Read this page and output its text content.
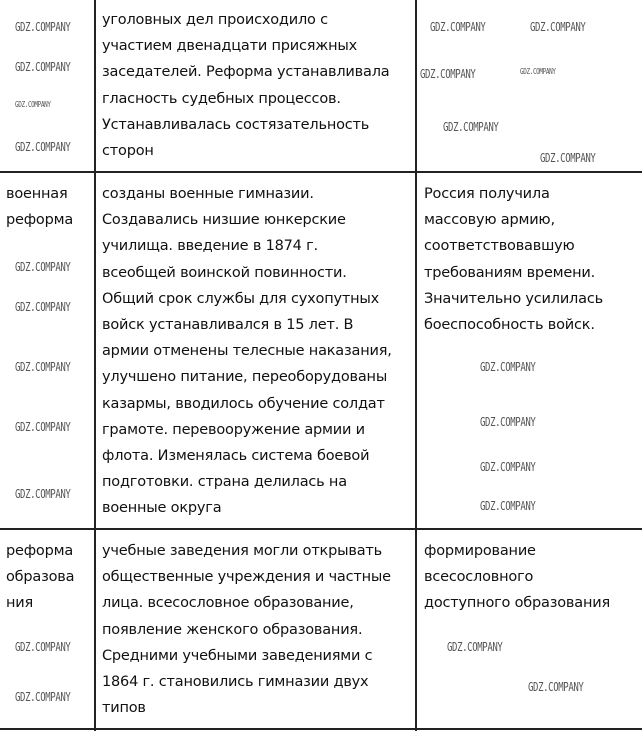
уголовных дел происходило с
участием двенадцати присяжных
заседателей. Реформа устанавливала
гласность судебных процессов.
Устанавливалась состязательность
сторон
военная
реформа
созданы военные гимназии.
Создавались низшие юнкерские
училища. введение в 1874 г.
всеобщей воинской повинности.
Общий срок службы для сухопутных
войск устанавливался в 15 лет. В
армии отменены телесные наказания,
улучшено питание, переоборудованы
казармы, вводилось обучение солдат
грамоте. перевооружение армии и
флота. Изменялась система боевой
подготовки. страна делилась на
военные округа
Россия получила
массовую армию,
соответствовавшую
требованиям времени.
Значительно усилилась
боеспособность войск.
реформа
образова
ния
учебные заведения могли открывать
общественные учреждения и частные
лица. всесословное образование,
появление женского образования.
Средними учебными заведениями с
1864 г. становились гимназии двух
типов
формирование
всесословного
доступного образования
GDZ.COMPANY
GDZ.COMPANY
GDZ.COMPANY
GDZ.COMPANY
GDZ.COMPANY
GDZ.COMPANY
GDZ.COMPANY
GDZ.COMPANY
GDZ.COMPANY
GDZ.COMPANY
GDZ.COMPANY
GDZ.COMPANY	GDZ.COMPANY
GDZ.COMPANY	GDZ.COMPANY
GDZ.COMPANY
GDZ.COMPANY
GDZ.COMPANY
GDZ.COMPANY
GDZ.COMPANY
GDZ.COMPANY
GDZ.COMPANY
GDZ.COMPANY
